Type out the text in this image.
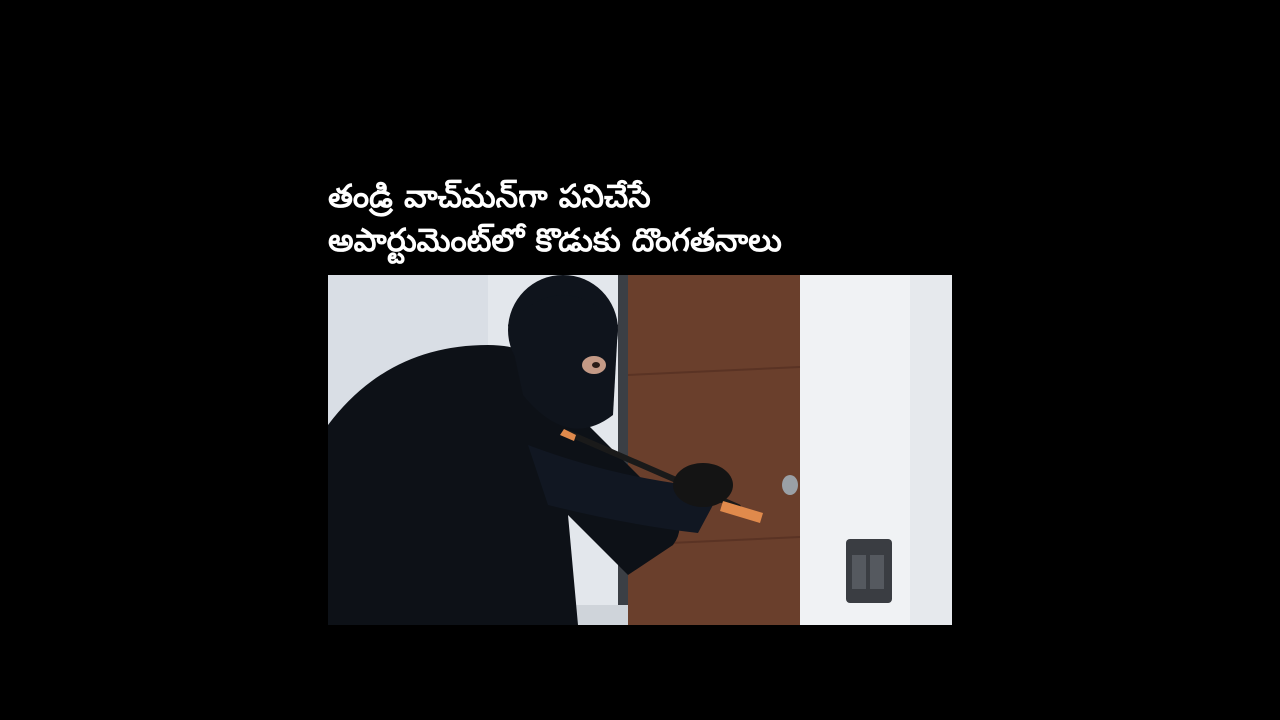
తండ్రి వాచ్‌మన్‌గా పనిచేసే
అపార్టుమెంట్‌లో కొడుకు దొంగతనాలు
